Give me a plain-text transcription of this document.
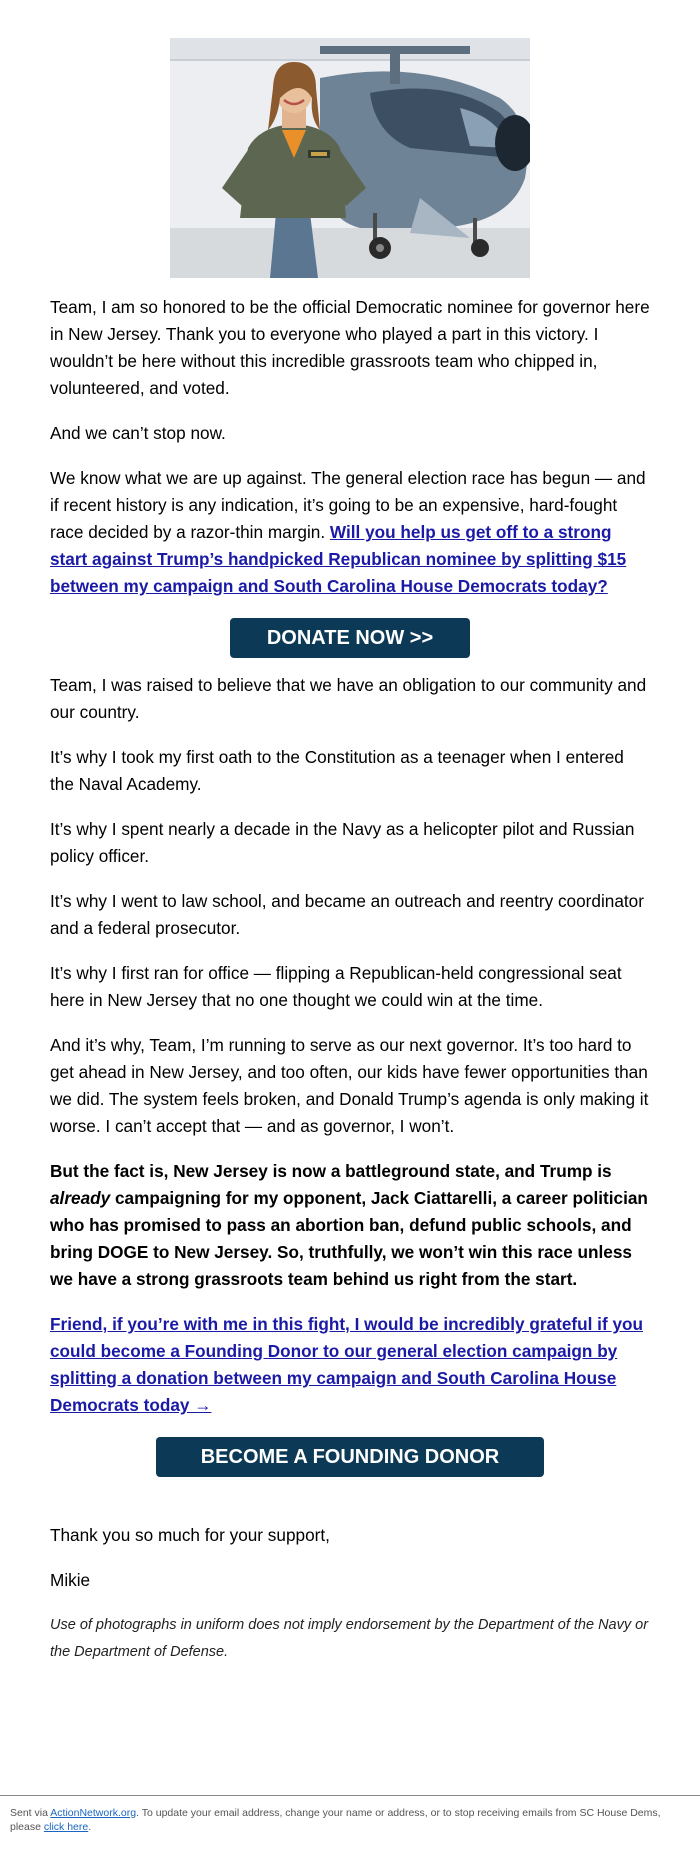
Team, I am so honored to be the official Democratic nominee for governor here in New Jersey. Thank you to everyone who played a part in this victory. I wouldn’t be here without this incredible grassroots team who chipped in, volunteered, and voted.

And we can’t stop now.

We know what we are up against. The general election race has begun — and if recent history is any indication, it’s going to be an expensive, hard-fought race decided by a razor-thin margin. Will you help us get off to a strong start against Trump’s handpicked Republican nominee by splitting $15 between my campaign and South Carolina House Democrats today?

DONATE NOW >>

Team, I was raised to believe that we have an obligation to our community and our country.

It’s why I took my first oath to the Constitution as a teenager when I entered the Naval Academy.

It’s why I spent nearly a decade in the Navy as a helicopter pilot and Russian policy officer.

It’s why I went to law school, and became an outreach and reentry coordinator and a federal prosecutor.

It’s why I first ran for office — flipping a Republican-held congressional seat here in New Jersey that no one thought we could win at the time.

And it’s why, Team, I’m running to serve as our next governor. It’s too hard to get ahead in New Jersey, and too often, our kids have fewer opportunities than we did. The system feels broken, and Donald Trump’s agenda is only making it worse. I can’t accept that — and as governor, I won’t.

But the fact is, New Jersey is now a battleground state, and Trump is already campaigning for my opponent, Jack Ciattarelli, a career politician who has promised to pass an abortion ban, defund public schools, and bring DOGE to New Jersey. So, truthfully, we won’t win this race unless we have a strong grassroots team behind us right from the start.

Friend, if you’re with me in this fight, I would be incredibly grateful if you could become a Founding Donor to our general election campaign by splitting a donation between my campaign and South Carolina House Democrats today →

BECOME A FOUNDING DONOR >>

Thank you so much for your support,

Mikie

Use of photographs in uniform does not imply endorsement by the Department of the Navy or the Department of Defense.

Sent via ActionNetwork.org. To update your email address, change your name or address, or to stop receiving emails from SC House Dems, please click here.
